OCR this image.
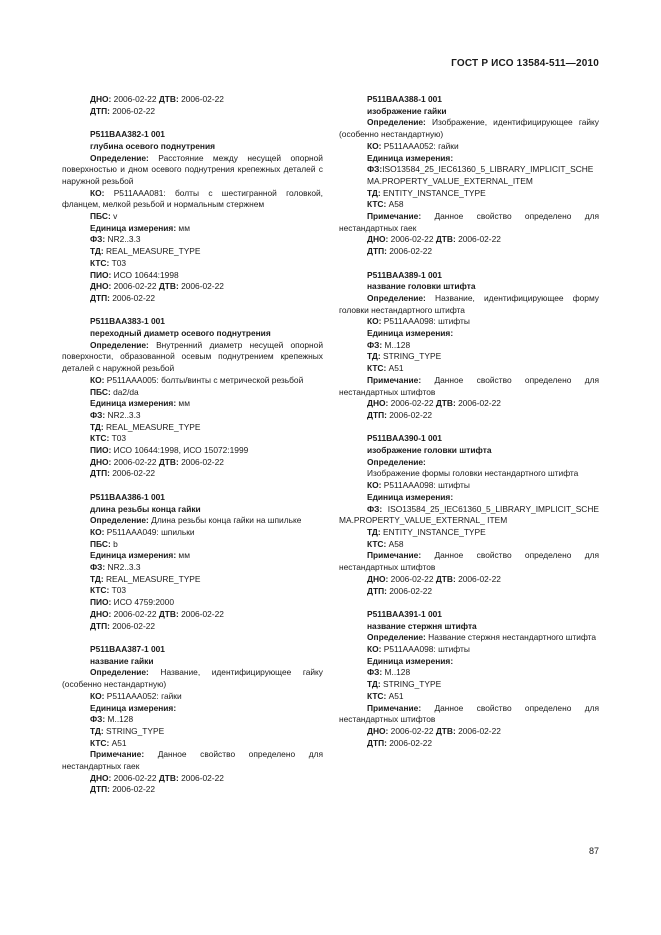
ГОСТ Р ИСО 13584-511—2010

ДНО: 2006-02-22 ДТВ: 2006-02-22

ДТП: 2006-02-22

P511BAA382-1 001

глубина осевого поднутрения

Определение: Расстояние между несущей опорной поверхностью и дном осевого поднутрения крепежных деталей с наружной резьбой

КО: P511AAA081: болты с шестигранной головкой, фланцем, мелкой резьбой и нормальным стержнем

ПБС: v

Единица измерения: мм

ФЗ: NR2..3.3

ТД: REAL_MEASURE_TYPE

КТС: T03

ПИО: ИСО 10644:1998

ДНО: 2006-02-22 ДТВ: 2006-02-22

ДТП: 2006-02-22

P511BAA383-1 001

переходный диаметр осевого поднутрения

Определение: Внутренний диаметр несущей опорной поверхности, образованной осевым поднутрением крепежных деталей с наружной резьбой

КО: P511AAA005: болты/винты с метрической резьбой

ПБС: da2/da

Единица измерения: мм

ФЗ: NR2..3.3

ТД: REAL_MEASURE_TYPE

КТС: T03

ПИО: ИСО 10644:1998, ИСО 15072:1999

ДНО: 2006-02-22 ДТВ: 2006-02-22

ДТП: 2006-02-22

P511BAA386-1 001

длина резьбы конца гайки

Определение: Длина резьбы конца гайки на шпильке

КО: P511AAA049: шпильки

ПБС: b

Единица измерения: мм

ФЗ: NR2..3.3

ТД: REAL_MEASURE_TYPE

КТС: T03

ПИО: ИСО 4759:2000

ДНО: 2006-02-22 ДТВ: 2006-02-22

ДТП: 2006-02-22

P511BAA387-1 001

название гайки

Определение: Название, идентифицирующее гайку (особенно нестандартную)

КО: P511AAA052: гайки

Единица измерения:

ФЗ: M..128

ТД: STRING_TYPE

КТС: A51

Примечание: Данное свойство определено для нестандартных гаек

ДНО: 2006-02-22 ДТВ: 2006-02-22

ДТП: 2006-02-22

P511BAA388-1 001

изображение гайки

Определение: Изображение, идентифицирующее гайку (особенно нестандартную)

КО: P511AAA052: гайки

Единица измерения:

ФЗ:ISO13584_25_IEC61360_5_LIBRARY_IMPLICIT_SCHEMA.PROPERTY_VALUE_EXTERNAL_ITEM

ТД: ENTITY_INSTANCE_TYPE

КТС: A58

Примечание: Данное свойство определено для нестандартных гаек

ДНО: 2006-02-22 ДТВ: 2006-02-22

ДТП: 2006-02-22

P511BAA389-1 001

название головки штифта

Определение: Название, идентифицирующее форму головки нестандартного штифта

КО: P511AAA098: штифты

Единица измерения:

ФЗ: M..128

ТД: STRING_TYPE

КТС: A51

Примечание: Данное свойство определено для нестандартных штифтов

ДНО: 2006-02-22 ДТВ: 2006-02-22

ДТП: 2006-02-22

P511BAA390-1 001

изображение головки штифта

Определение:

Изображение формы головки нестандартного штифта

КО: P511AAA098: штифты

Единица измерения:

ФЗ: ISO13584_25_IEC61360_5_LIBRARY_IMPLICIT_SCHEMA.PROPERTY_VALUE_EXTERNAL_ ITEM

ТД: ENTITY_INSTANCE_TYPE

КТС: A58

Примечание: Данное свойство определено для нестандартных штифтов

ДНО: 2006-02-22 ДТВ: 2006-02-22

ДТП: 2006-02-22

P511BAA391-1 001

название стержня штифта

Определение: Название стержня нестандартного штифта

КО: P511AAA098: штифты

Единица измерения:

ФЗ: M..128

ТД: STRING_TYPE

КТС: A51

Примечание: Данное свойство определено для нестандартных штифтов

ДНО: 2006-02-22 ДТВ: 2006-02-22

ДТП: 2006-02-22

87
